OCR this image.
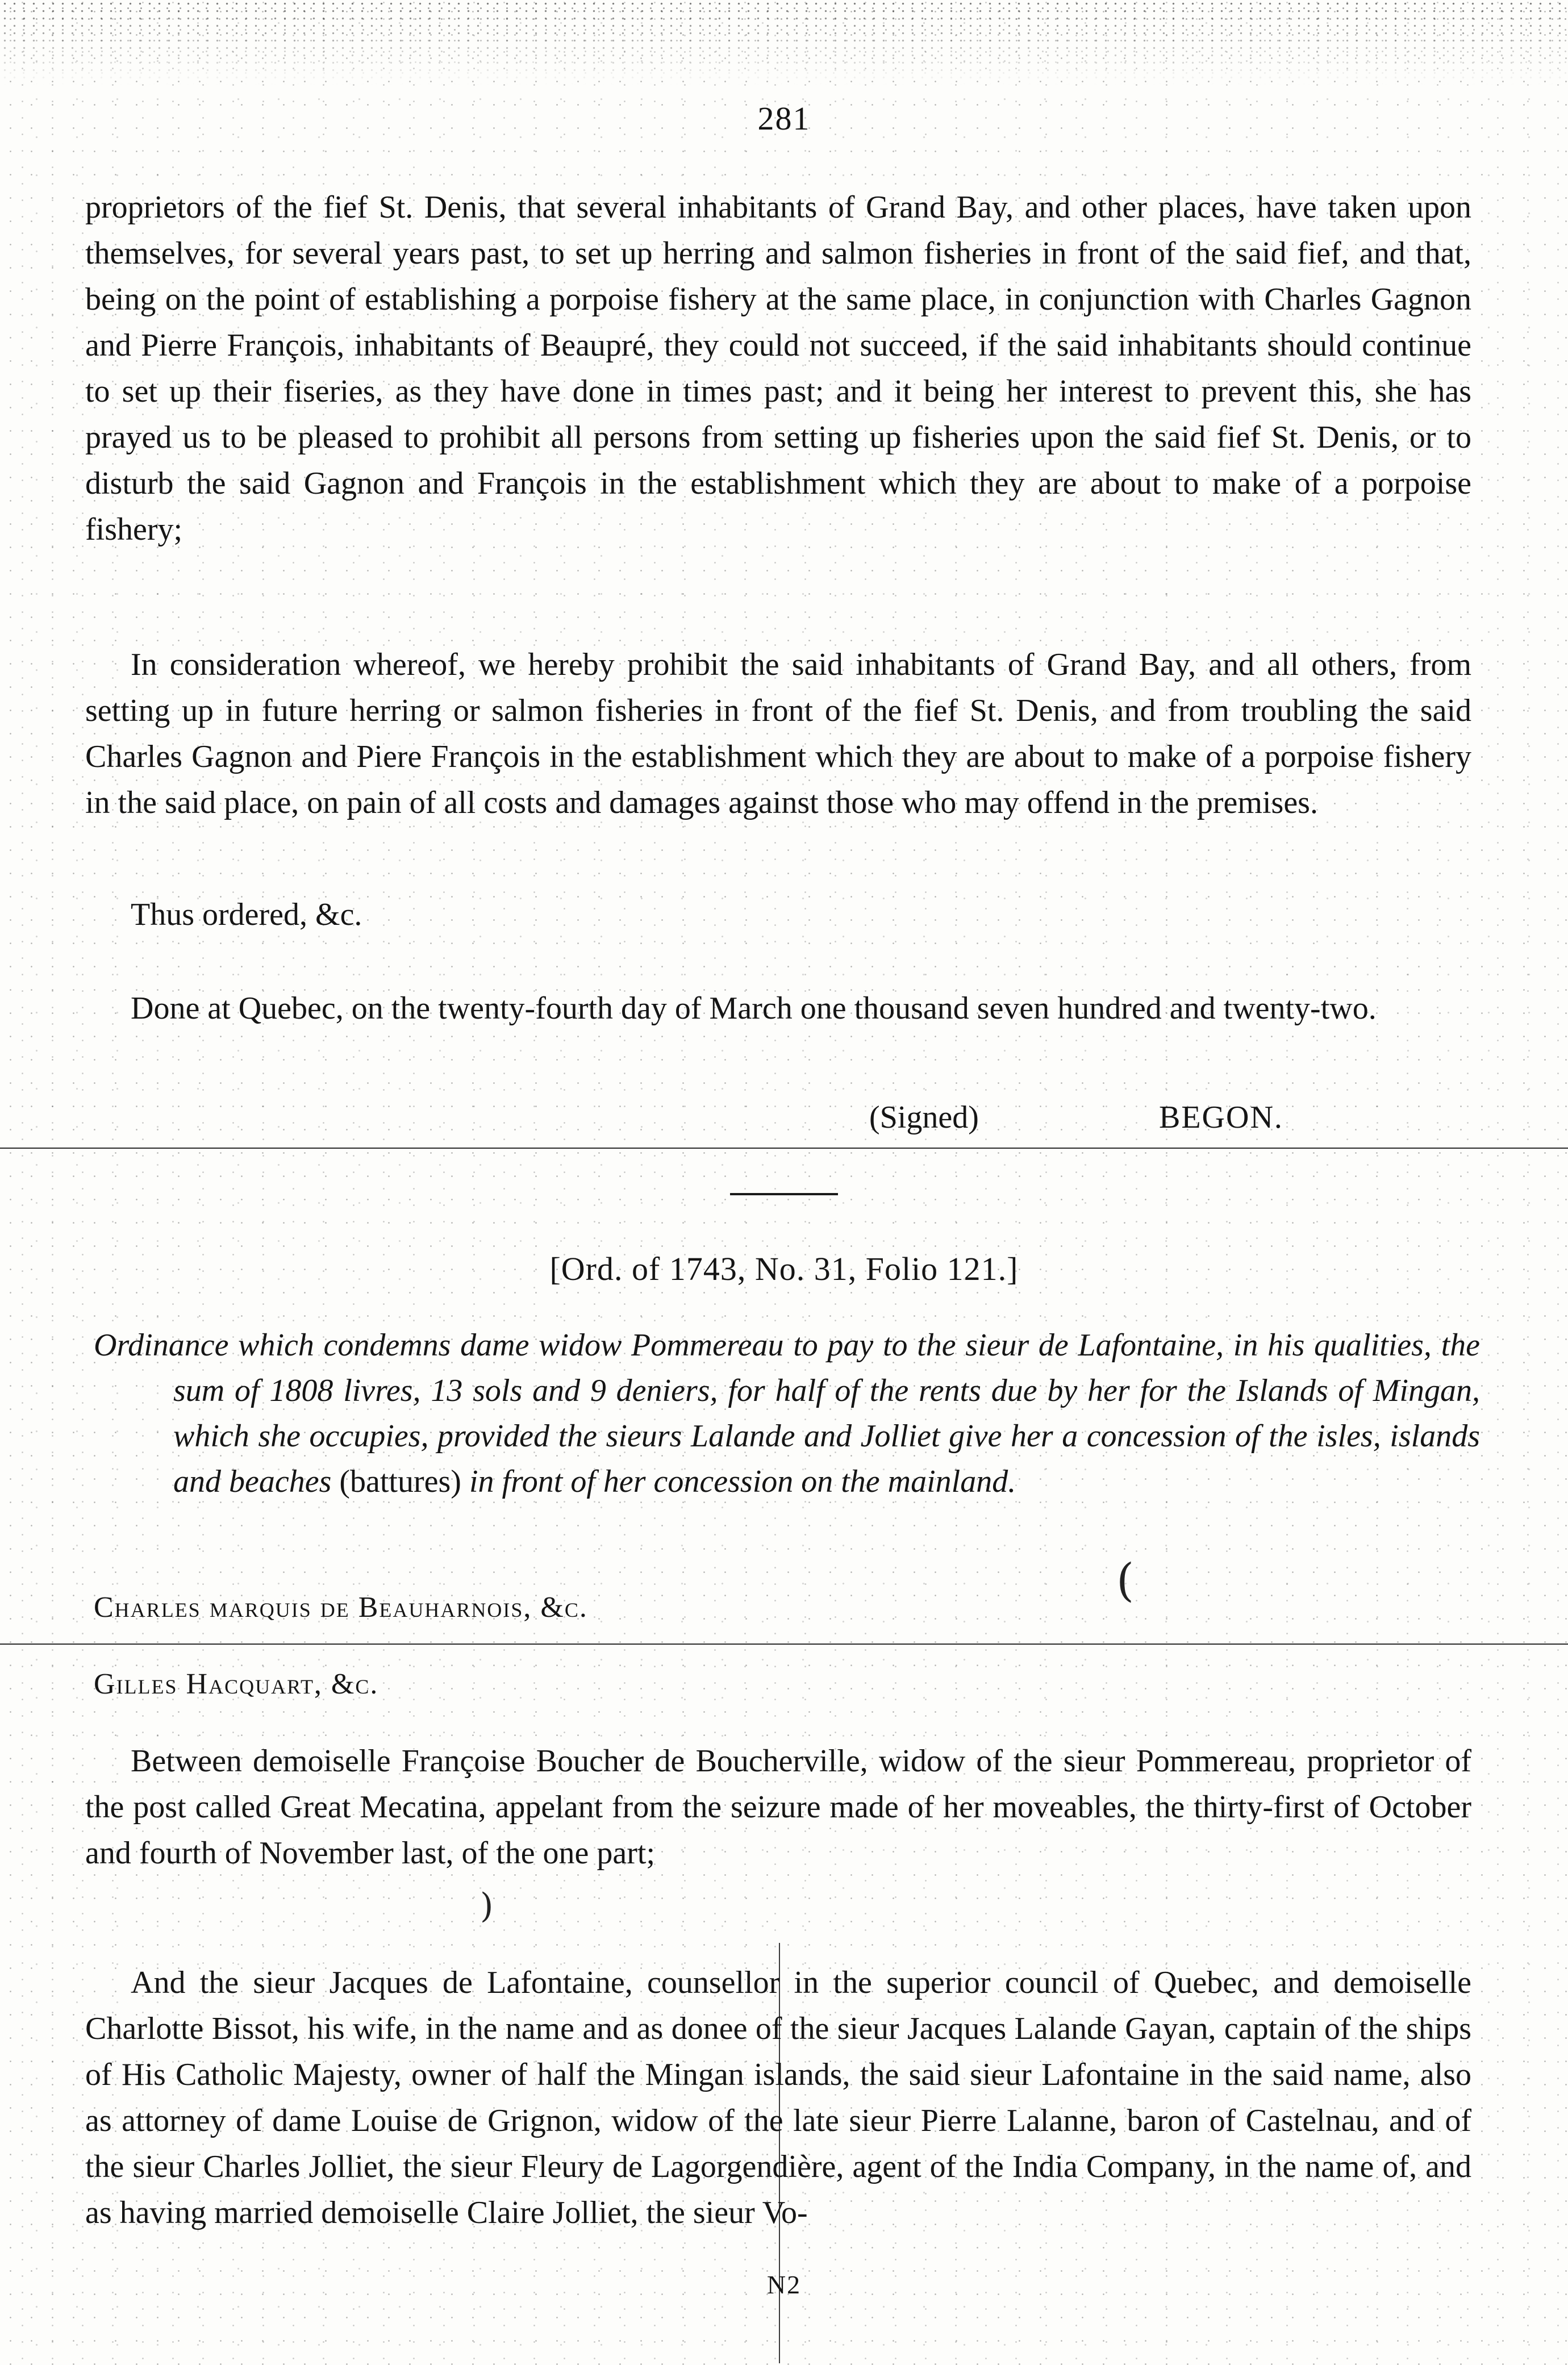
281

proprietors of the fief St. Denis, that several inhabitants of Grand Bay, and other places, have taken upon themselves, for several years past, to set up herring and salmon fisheries in front of the said fief, and that, being on the point of establishing a porpoise fishery at the same place, in conjunction with Charles Gagnon and Pierre François, inhabitants of Beaupré, they could not succeed, if the said inhabitants should continue to set up their fiseries, as they have done in times past; and it being her interest to prevent this, she has prayed us to be pleased to prohibit all persons from setting up fisheries upon the said fief St. Denis, or to disturb the said Gagnon and François in the establishment which they are about to make of a porpoise fishery;

In consideration whereof, we hereby prohibit the said inhabitants of Grand Bay, and all others, from setting up in future herring or salmon fisheries in front of the fief St. Denis, and from troubling the said Charles Gagnon and Piere François in the establishment which they are about to make of a porpoise fishery in the said place, on pain of all costs and damages against those who may offend in the premises.

Thus ordered, &c.

Done at Quebec, on the twenty-fourth day of March one thousand seven hundred and twenty-two.

(Signed)	BEGON.
[Ord. of 1743, No. 31, Folio 121.]

Ordinance which condemns dame widow Pommereau to pay to the sieur de Lafontaine, in his qualities, the sum of 1808 livres, 13 sols and 9 deniers, for half of the rents due by her for the Islands of Mingan, which she occupies, provided the sieurs Lalande and Jolliet give her a concession of the isles, islands and beaches (battures) in front of her concession on the mainland.

Charles marquis de Beauharnois, &c.
Gilles Hacquart, &c.

Between demoiselle Françoise Boucher de Boucherville, widow of the sieur Pommereau, proprietor of the post called Great Mecatina, appelant from the seizure made of her moveables, the thirty-first of October and fourth of November last, of the one part;

And the sieur Jacques de Lafontaine, counsellor in the superior council of Quebec, and demoiselle Charlotte Bissot, his wife, in the name and as donee of the sieur Jacques Lalande Gayan, captain of the ships of His Catholic Majesty, owner of half the Mingan islands, the said sieur Lafontaine in the said name, also as attorney of dame Louise de Grignon, widow of the late sieur Pierre Lalanne, baron of Castelnau, and of the sieur Charles Jolliet, the sieur Fleury de Lagorgendière, agent of the India Company, in the name of, and as having married demoiselle Claire Jolliet, the sieur Vo-

(
)
N2
